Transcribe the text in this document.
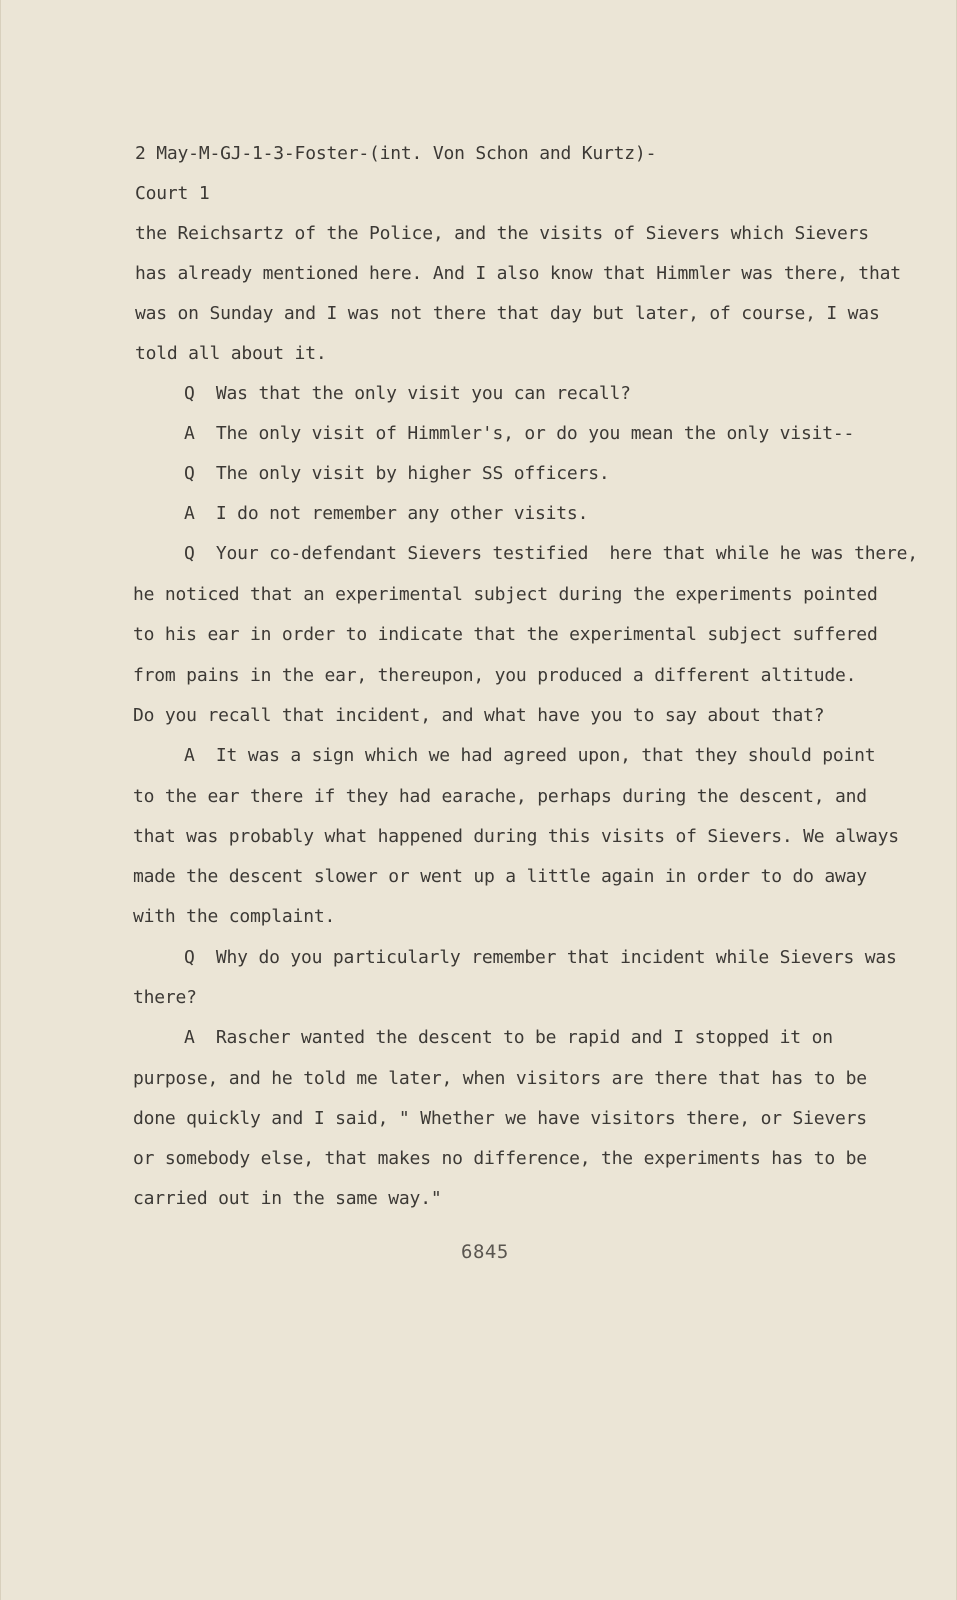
2 May-M-GJ-1-3-Foster-(int. Von Schon and Kurtz)-
Court 1
the Reichsartz of the Police, and the visits of Sievers which Sievers
has already mentioned here. And I also know that Himmler was there, that
was on Sunday and I was not there that day but later, of course, I was
told all about it.
Q  Was that the only visit you can recall?
A  The only visit of Himmler's, or do you mean the only visit--
Q  The only visit by higher SS officers.
A  I do not remember any other visits.
Q  Your co-defendant Sievers testified  here that while he was there,
he noticed that an experimental subject during the experiments pointed
to his ear in order to indicate that the experimental subject suffered
from pains in the ear, thereupon, you produced a different altitude.
Do you recall that incident, and what have you to say about that?
A  It was a sign which we had agreed upon, that they should point
to the ear there if they had earache, perhaps during the descent, and
that was probably what happened during this visits of Sievers. We always
made the descent slower or went up a little again in order to do away
with the complaint.
Q  Why do you particularly remember that incident while Sievers was
there?
A  Rascher wanted the descent to be rapid and I stopped it on
purpose, and he told me later, when visitors are there that has to be
done quickly and I said, " Whether we have visitors there, or Sievers
or somebody else, that makes no difference, the experiments has to be
carried out in the same way."
6845
